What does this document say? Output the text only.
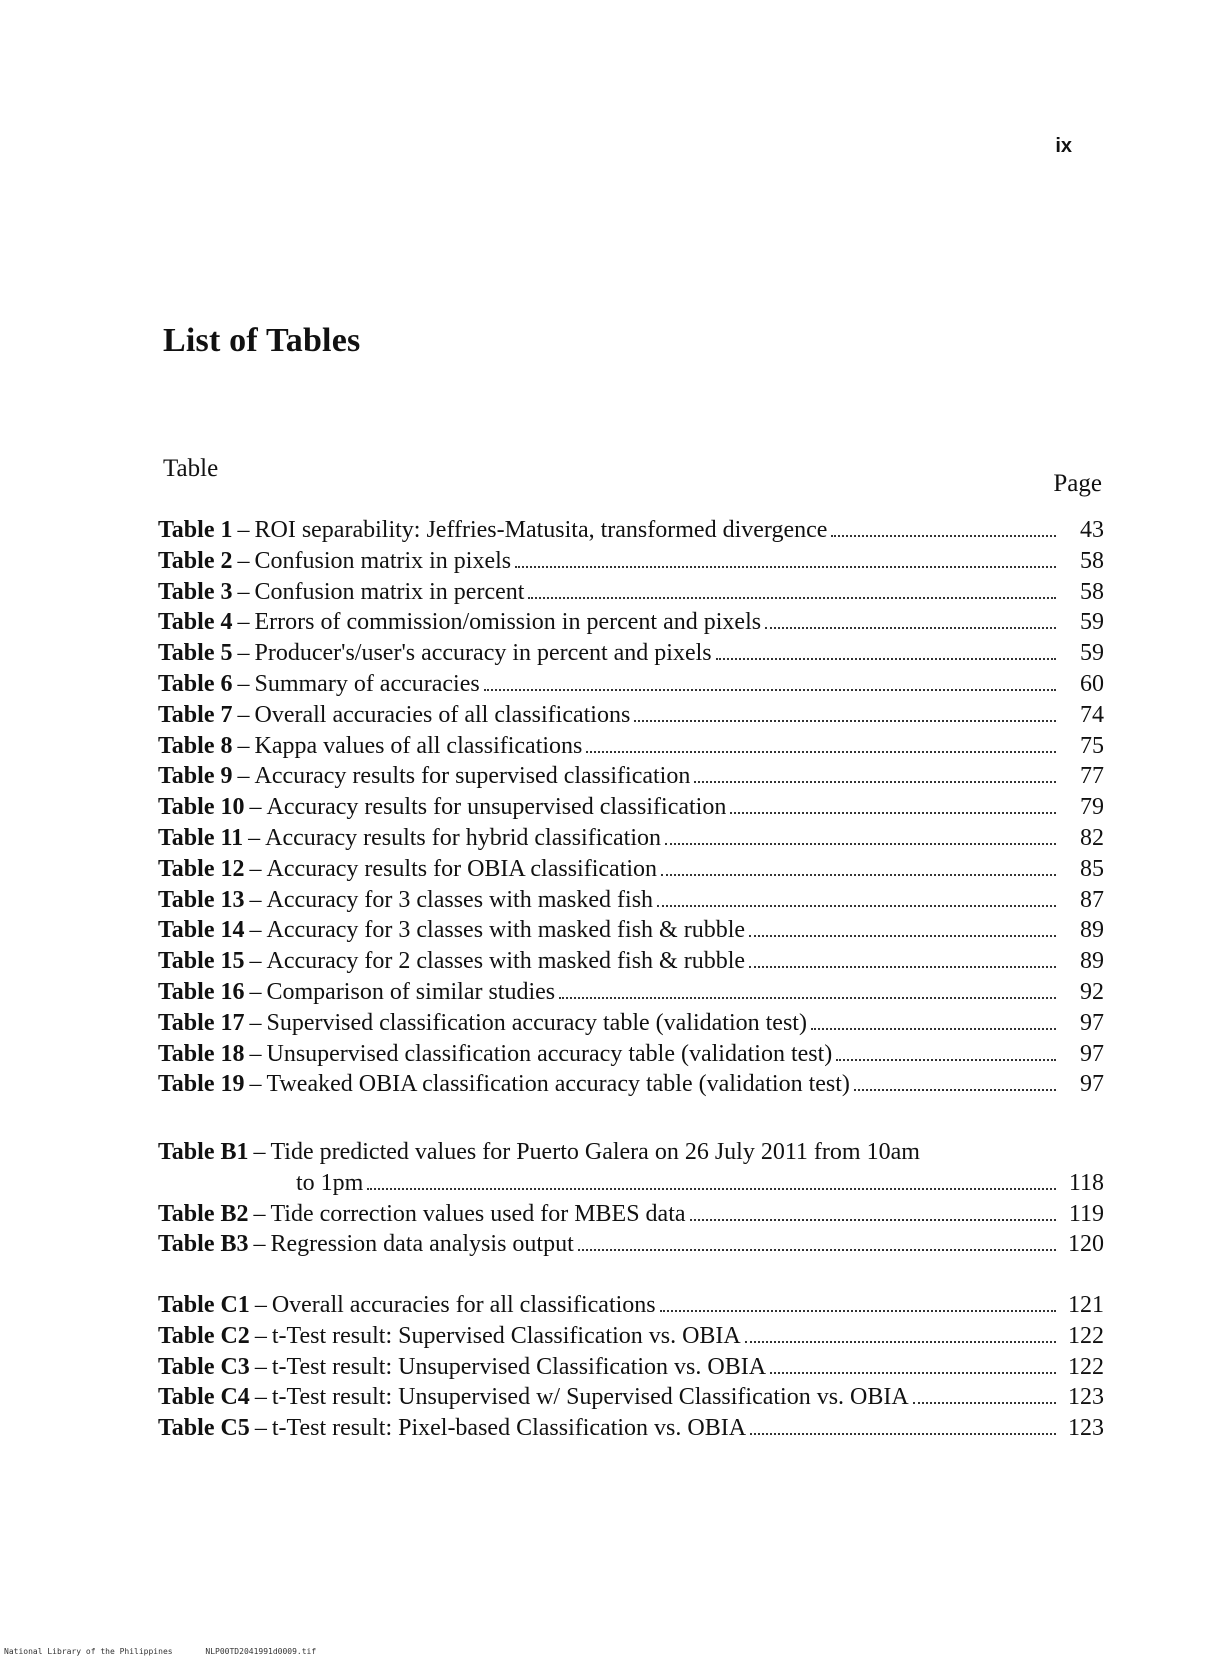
ix
List of Tables
Table
Page
Table 1 – ROI separability: Jeffries-Matusita, transformed divergence	43
Table 2 – Confusion matrix in pixels	58
Table 3 – Confusion matrix in percent	58
Table 4 – Errors of commission/omission in percent and pixels	59
Table 5 – Producer's/user's accuracy in percent and pixels	59
Table 6 – Summary of accuracies	60
Table 7 – Overall accuracies of all classifications	74
Table 8 – Kappa values of all classifications	75
Table 9 – Accuracy results for supervised classification	77
Table 10 – Accuracy results for unsupervised classification	79
Table 11 – Accuracy results for hybrid classification	82
Table 12 – Accuracy results for OBIA classification	85
Table 13 – Accuracy for 3 classes with masked fish	87
Table 14 – Accuracy for 3 classes with masked fish & rubble	89
Table 15 – Accuracy for 2 classes with masked fish & rubble	89
Table 16 – Comparison of similar studies	92
Table 17 – Supervised classification accuracy table (validation test)	97
Table 18 – Unsupervised classification accuracy table (validation test)	97
Table 19 – Tweaked OBIA classification accuracy table (validation test)	97
Table B1 – Tide predicted values for Puerto Galera on 26 July 2011 from 10am
to 1pm	118
Table B2 – Tide correction values used for MBES data	119
Table B3 – Regression data analysis output	120
Table C1 – Overall accuracies for all classifications	121
Table C2 – t-Test result: Supervised Classification vs. OBIA	122
Table C3 – t-Test result: Unsupervised Classification vs. OBIA	122
Table C4 – t-Test result: Unsupervised w/ Supervised Classification vs. OBIA	123
Table C5 – t-Test result: Pixel-based Classification vs. OBIA	123
National Library of the Philippines	NLP00TD2041991d0009.tif
